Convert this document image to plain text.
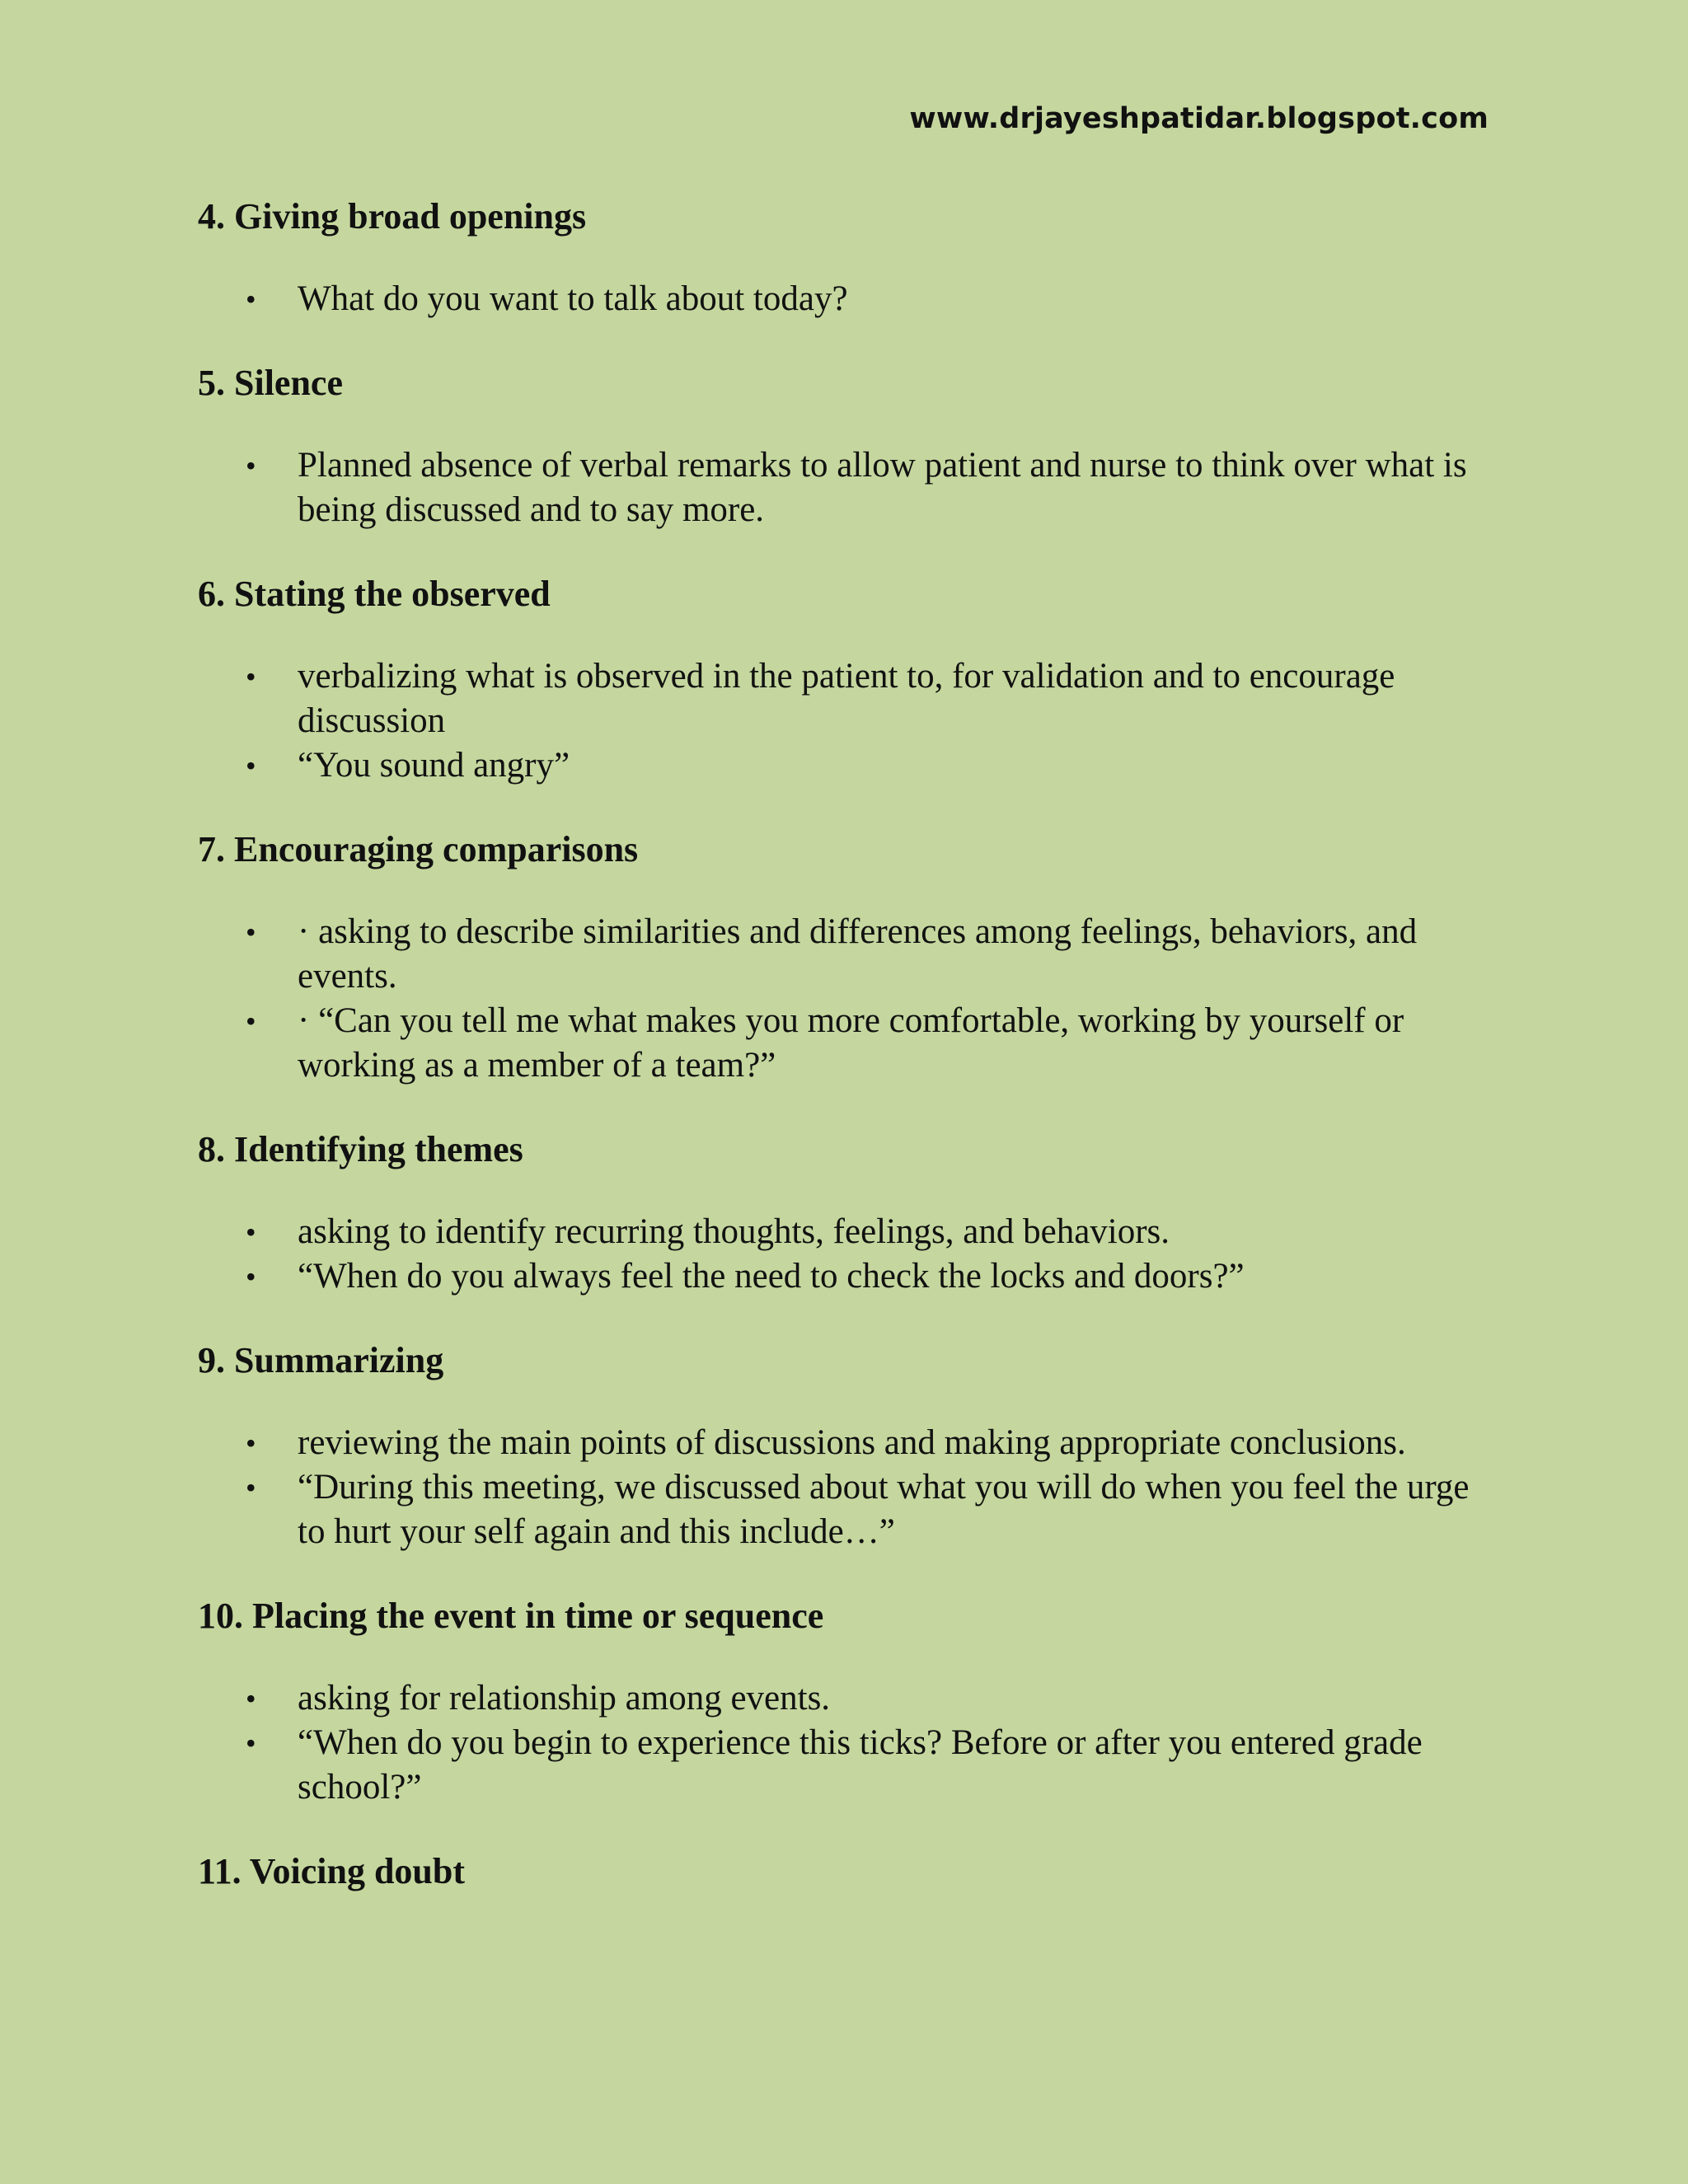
www.drjayeshpatidar.blogspot.com
4. Giving broad openings
• What do you want to talk about today?
5. Silence
• Planned absence of verbal remarks to allow patient and nurse to think over what is being discussed and to say more.
6. Stating the observed
• verbalizing what is observed in the patient to, for validation and to encourage discussion
• “You sound angry”
7. Encouraging comparisons
• · asking to describe similarities and differences among feelings, behaviors, and events.
• · “Can you tell me what makes you more comfortable, working by yourself or working as a member of a team?”
8. Identifying themes
• asking to identify recurring thoughts, feelings, and behaviors.
• “When do you always feel the need to check the locks and doors?”
9. Summarizing
• reviewing the main points of discussions and making appropriate conclusions.
• “During this meeting, we discussed about what you will do when you feel the urge to hurt your self again and this include…”
10. Placing the event in time or sequence
• asking for relationship among events.
• “When do you begin to experience this ticks? Before or after you entered grade school?”
11. Voicing doubt
